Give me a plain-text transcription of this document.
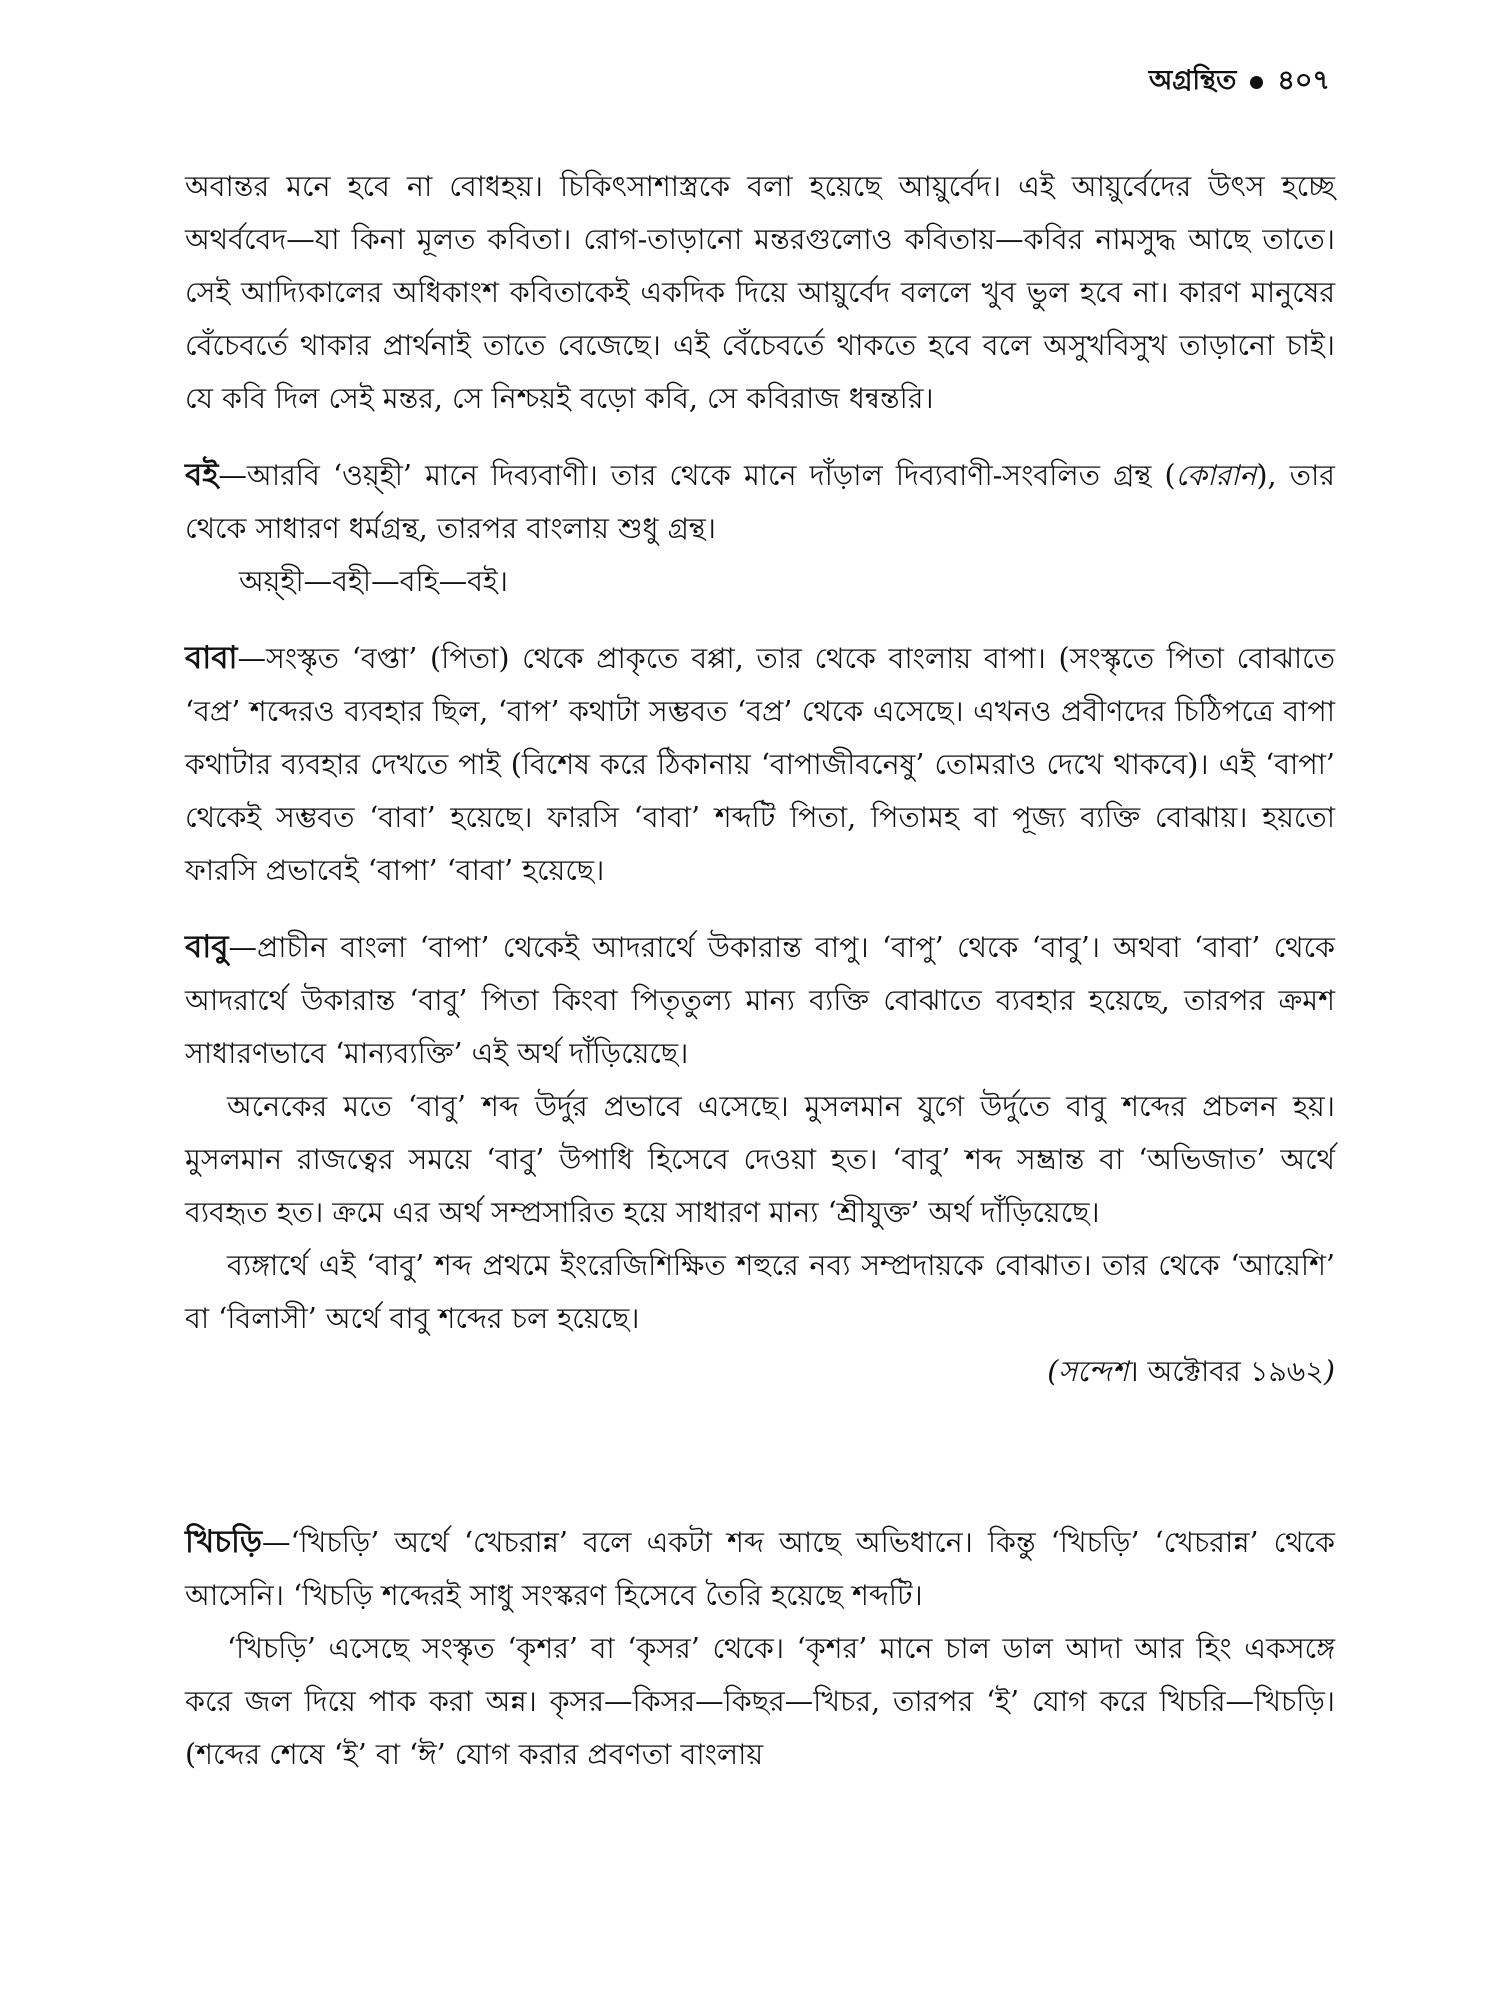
অগ্রন্থিত ৪০৭

অবান্তর মনে হবে না বোধহয়। চিকিৎসাশাস্ত্রকে বলা হয়েছে আয়ুর্বেদ। এই আয়ুর্বেদের উৎস হচ্ছে অথর্ববেদ—যা কিনা মূলত কবিতা। রোগ-তাড়ানো মন্তরগুলোও কবিতায়—কবির নামসুদ্ধ আছে তাতে। সেই আদ্যিকালের অধিকাংশ কবিতাকেই একদিক দিয়ে আয়ুর্বেদ বললে খুব ভুল হবে না। কারণ মানুষের বেঁচেবর্তে থাকার প্রার্থনাই তাতে বেজেছে। এই বেঁচেবর্তে থাকতে হবে বলে অসুখবিসুখ তাড়ানো চাই। যে কবি দিল সেই মন্তর, সে নিশ্চয়ই বড়ো কবি, সে কবিরাজ ধন্বন্তরি।

বই—আরবি ‘ওয়্হী’ মানে দিব্যবাণী। তার থেকে মানে দাঁড়াল দিব্যবাণী-সংবলিত গ্রন্থ (কোরান), তার থেকে সাধারণ ধর্মগ্রন্থ, তারপর বাংলায় শুধু গ্রন্থ।

অয়্হী—বহী—বহি—বই।

বাবা—সংস্কৃত ‘বপ্তা’ (পিতা) থেকে প্রাকৃতে বপ্পা, তার থেকে বাংলায় বাপা। (সংস্কৃতে পিতা বোঝাতে ‘বপ্র’ শব্দেরও ব্যবহার ছিল, ‘বাপ’ কথাটা সম্ভবত ‘বপ্র’ থেকে এসেছে। এখনও প্রবীণদের চিঠিপত্রে বাপা কথাটার ব্যবহার দেখতে পাই (বিশেষ করে ঠিকানায় ‘বাপাজীবনেষু’ তোমরাও দেখে থাকবে)। এই ‘বাপা’ থেকেই সম্ভবত ‘বাবা’ হয়েছে। ফারসি ‘বাবা’ শব্দটি পিতা, পিতামহ বা পূজ্য ব্যক্তি বোঝায়। হয়তো ফারসি প্রভাবেই ‘বাপা’ ‘বাবা’ হয়েছে।

বাবু—প্রাচীন বাংলা ‘বাপা’ থেকেই আদরার্থে উকারান্ত বাপু। ‘বাপু’ থেকে ‘বাবু’। অথবা ‘বাবা’ থেকে আদরার্থে উকারান্ত ‘বাবু’ পিতা কিংবা পিতৃতুল্য মান্য ব্যক্তি বোঝাতে ব্যবহার হয়েছে, তারপর ক্রমশ সাধারণভাবে ‘মান্যব্যক্তি’ এই অর্থ দাঁড়িয়েছে।

অনেকের মতে ‘বাবু’ শব্দ উর্দুর প্রভাবে এসেছে। মুসলমান যুগে উর্দুতে বাবু শব্দের প্রচলন হয়। মুসলমান রাজত্বের সময়ে ‘বাবু’ উপাধি হিসেবে দেওয়া হত। ‘বাবু’ শব্দ সম্ভ্রান্ত বা ‘অভিজাত’ অর্থে ব্যবহৃত হত। ক্রমে এর অর্থ সম্প্রসারিত হয়ে সাধারণ মান্য ‘শ্রীযুক্ত’ অর্থ দাঁড়িয়েছে।

ব্যঙ্গার্থে এই ‘বাবু’ শব্দ প্রথমে ইংরেজিশিক্ষিত শহুরে নব্য সম্প্রদায়কে বোঝাত। তার থেকে ‘আয়েশি’ বা ‘বিলাসী’ অর্থে বাবু শব্দের চল হয়েছে।

(সন্দেশ। অক্টোবর ১৯৬২)

খিচড়ি—‘খিচড়ি’ অর্থে ‘খেচরান্ন’ বলে একটা শব্দ আছে অভিধানে। কিন্তু ‘খিচড়ি’ ‘খেচরান্ন’ থেকে আসেনি। ‘খিচড়ি শব্দেরই সাধু সংস্করণ হিসেবে তৈরি হয়েছে শব্দটি।

‘খিচড়ি’ এসেছে সংস্কৃত ‘কৃশর’ বা ‘কৃসর’ থেকে। ‘কৃশর’ মানে চাল ডাল আদা আর হিং একসঙ্গে করে জল দিয়ে পাক করা অন্ন। কৃসর—কিসর—কিছর—খিচর, তারপর ‘ই’ যোগ করে খিচরি—খিচড়ি। (শব্দের শেষে ‘ই’ বা ‘ঈ’ যোগ করার প্রবণতা বাংলায়
